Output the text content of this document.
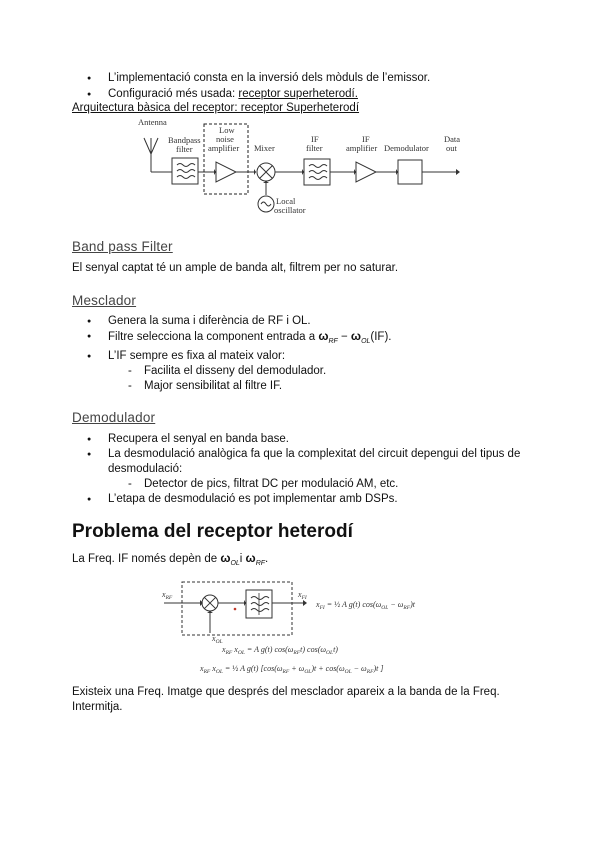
● L’implementació consta en la inversió dels mòduls de l’emissor.
● Configuració més usada: receptor superheterodí.
Arquitectura bàsica del receptor: receptor Superheterodí
Antenna
Bandpass
filter
Low
noise
amplifier Mixer
IF
filter
IF
amplifier Demodulator
Data
out
Local
oscillator
Band pass Filter
El senyal captat té un ample de banda alt, filtrem per no saturar.
Mesclador
● Genera la suma i diferència de RF i OL.
● Filtre selecciona la component entrada a $\omega_{RF} - \omega_{OL}(IF)$.
● L’IF sempre es fixa al mateix valor:
- Facilita el disseny del demodulador.
- Major sensibilitat al filtre IF.
Demodulador
● Recupera el senyal en banda base.
● La desmodulació analògica fa que la complexitat del circuit depengui del tipus de
desmodulació:
- Detector de pics, filtrat DC per modulació AM, etc.
● L’etapa de desmodulació es pot implementar amb DSPs.
Problema del receptor heterodí
La Freq. IF només depèn de $\omega_{OL}i$ $\omega_{RF}$.
$x_{RF}$
$x_{OL}$
$x_{FI}$
$x_{FI}$ = ½ A g(t) $\cos(\omega_{OL} - \omega_{RF})t$
$x_{RF}$ $x_{OL} = A$ g(t) $\cos(\omega_{RF}t)$ $\cos(\omega_{OL}t)$
$x_{RF}$ $x_{OL}$ = ½ A g(t) [$\cos(\omega_{RF} + \omega_{OL})t + \cos(\omega_{OL} - \omega_{RF})t$ ]
Existeix una Freq. Imatge que després del mesclador apareix a la banda de la Freq.
Intermitja.
